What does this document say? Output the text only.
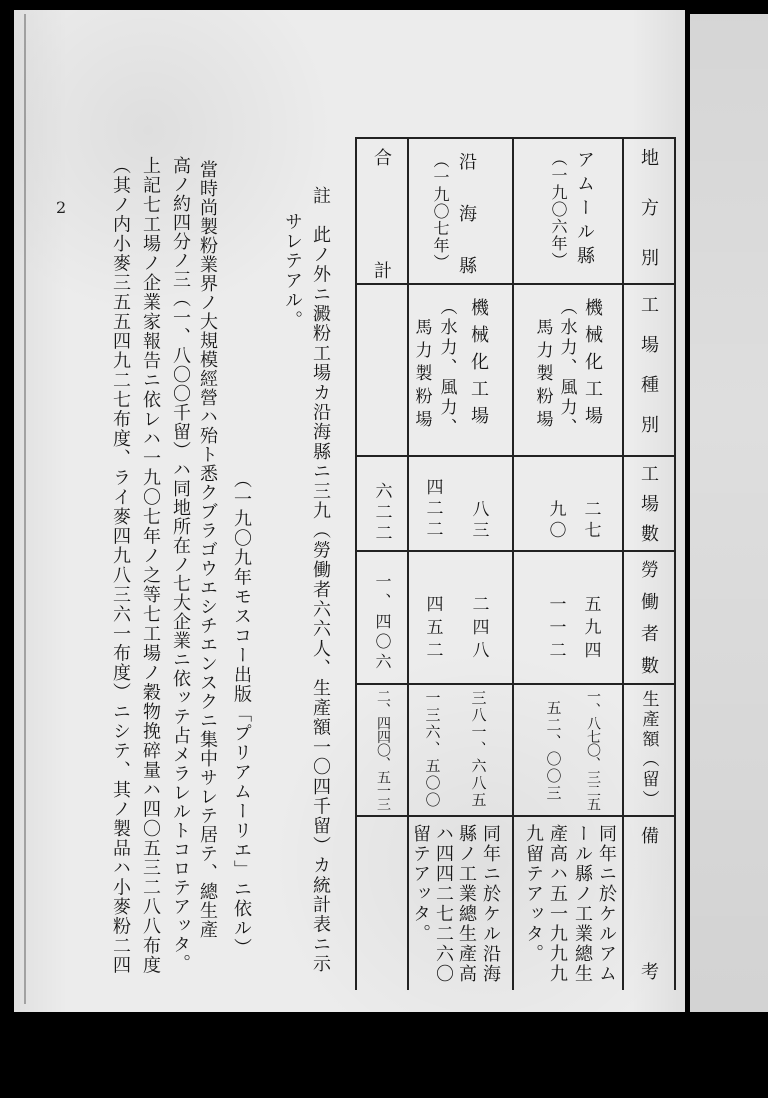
地方別
工場種別
工場數
勞働者數
生產額（留）
備考
アムール縣
（一九〇六年）
機械化工場
（水力、風力、
馬力製粉場
二七
九〇
五九四
一一二
一、八七〇、三二五
五二、〇〇三
同年ニ於ケルアム
ール縣ノ工業總生
產高ハ五一九九九
九留テアッタ。
沿海縣
（一九〇七年）
機械化工場
（水力、風力、
馬力製粉場
八三
四二二
二四八
四五二
三八一、六八五
一三六、五〇〇
同年ニ於ケル沿海
縣ノ工業總生產高
ハ四四二七二六〇
留テアッタ。
合計
六二二
一、四〇六
二、四四〇、五一三
註　此ノ外ニ澱粉工場カ沿海縣ニ三九（勞働者六六人、生產額一〇四千留）カ統計表ニ示
サレテアル。
（一九〇九年モスコー出版「プリアムーリエ」ニ依ル）
當時尚製粉業界ノ大規模經營ハ殆ト悉クブラゴウエシチエンスクニ集中サレテ居テ、總生產
高ノ約四分ノ三（一、八〇〇千留）ハ同地所在ノ七大企業ニ依ッテ占メラレルトコロテアッタ。
上記七工場ノ企業家報告ニ依レハ一九〇七年ノ之等七工場ノ穀物挽碎量ハ四〇五三二八八布度
（其ノ内小麥三五五四九二七布度、ライ麥四九八三六一布度）ニシテ、其ノ製品ハ小麥粉二四
2
